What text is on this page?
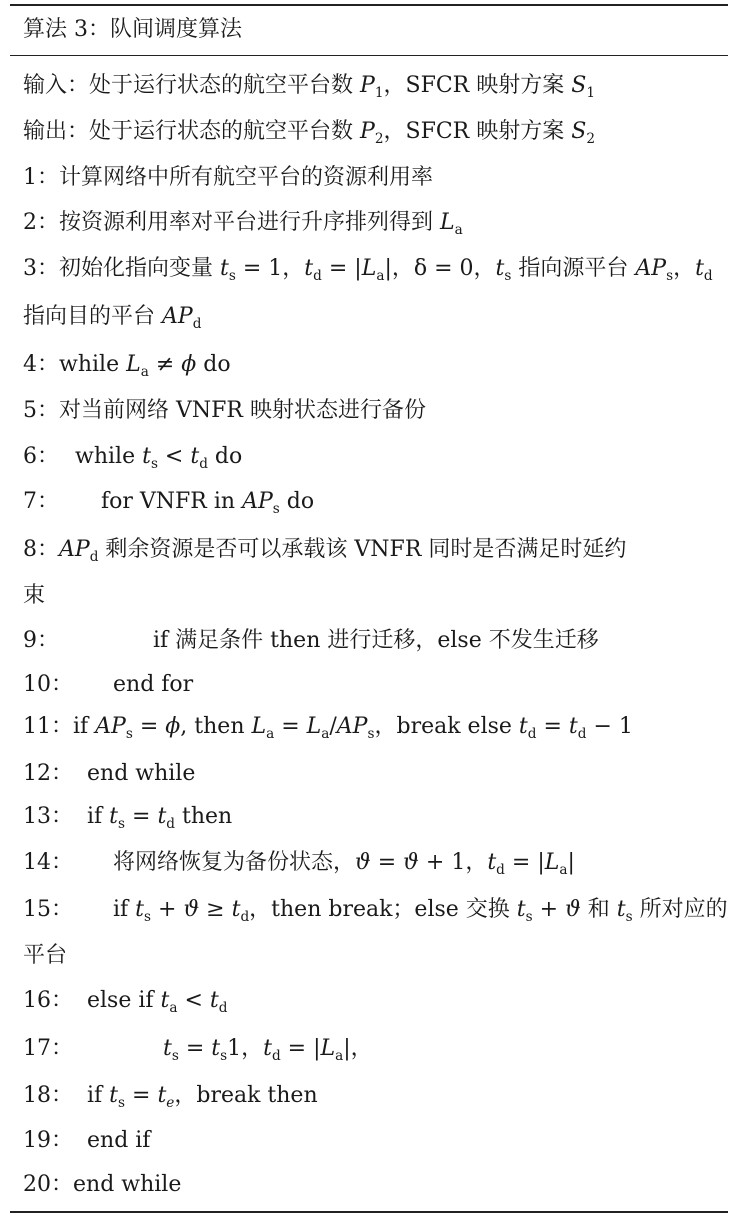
算法 3：队间调度算法
输入：处于运行状态的航空平台数 $P_1$，SFCR 映射方案 $S_1$
输出：处于运行状态的航空平台数 $P_2$，SFCR 映射方案 $S_2$
1：计算网络中所有航空平台的资源利用率
2：按资源利用率对平台进行升序排列得到 $L_a$
3：初始化指向变量 $t_s = 1$，$t_d = |L_a|$，δ = 0，$t_s$ 指向源平台 $AP_s$，$t_d$
指向目的平台 $AP_d$
4：while $L_a \ne \phi$ do
5：对当前网络 VNFR 映射状态进行备份
6： while $t_s < t_d$ do
7： for VNFR in $AP_s$ do
8：$AP_d$ 剩余资源是否可以承载该 VNFR 同时是否满足时延约
束
9：	if 满足条件 then 进行迁移，else 不发生迁移
10： end for
11：if $AP_s = \phi$, then $L_a = L_a/AP_s$，break else $t_d = t_d - 1$
12： end while
13： if $t_s = t_d$ then
14： 将网络恢复为备份状态，ϑ = ϑ + 1，$t_d = |L_a|$
15： if $t_s + ϑ \ge t_d$，then break；else 交换 $t_s + ϑ$ 和 $t_s$ 所对应的
平台
16： else if $t_a < t_d$
17：	$t_s = t_s1$，$t_d = |L_a|$，
18： if $t_s = t_e$，break then
19： end if
20：end while
